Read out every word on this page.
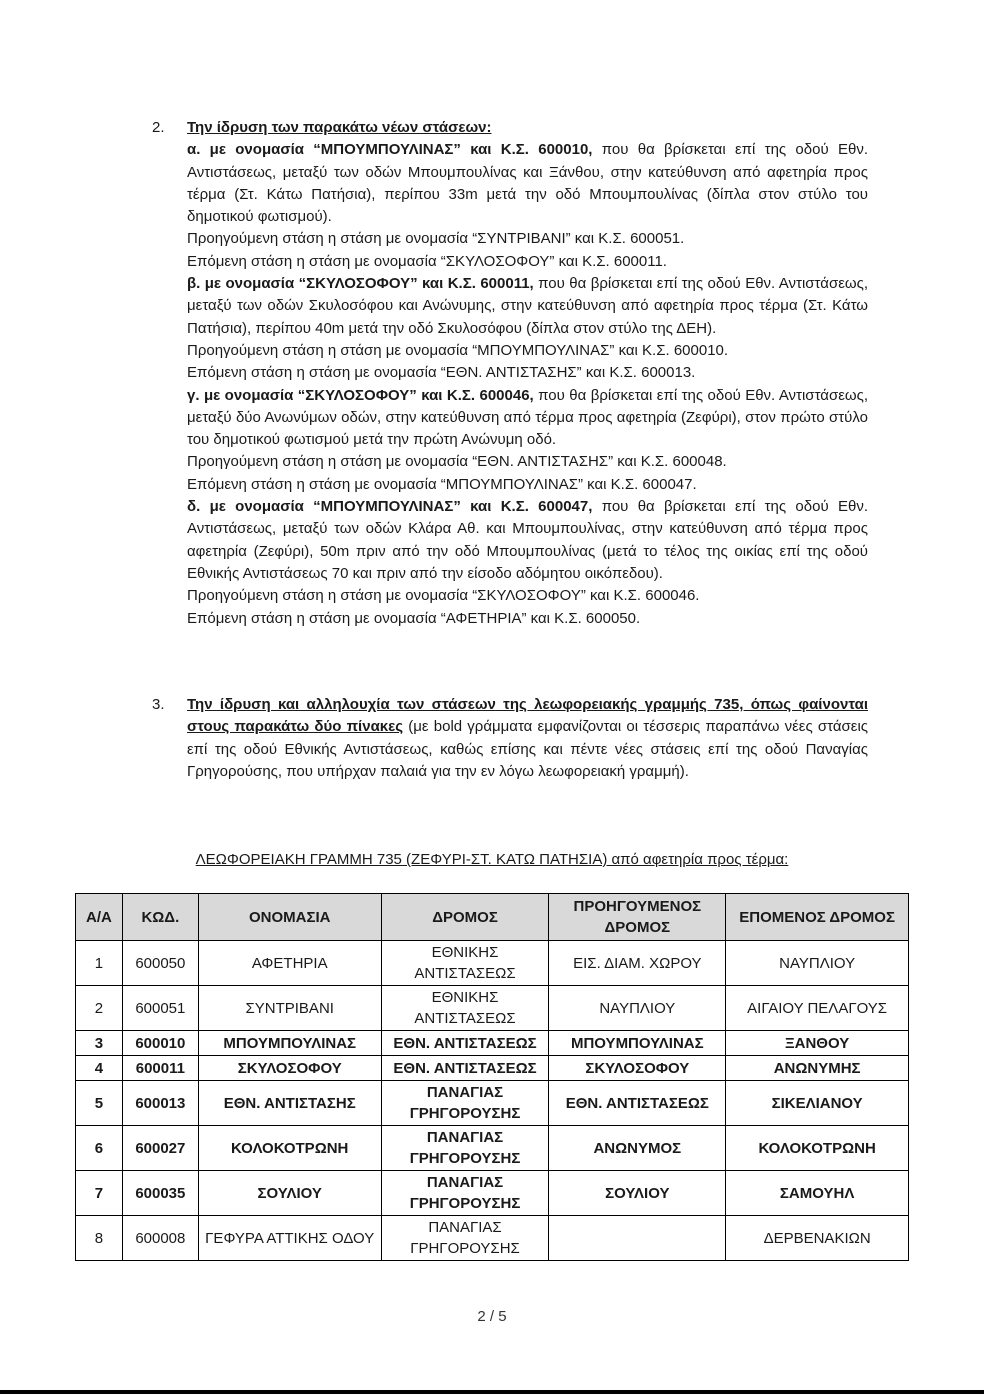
2. Την ίδρυση των παρακάτω νέων στάσεων:
α. με ονομασία “ΜΠΟΥΜΠΟΥΛΙΝΑΣ” και Κ.Σ. 600010, που θα βρίσκεται επί της οδού Εθν. Αντιστάσεως, μεταξύ των οδών Μπουμπουλίνας και Ξάνθου, στην κατεύθυνση από αφετηρία προς τέρμα (Στ. Κάτω Πατήσια), περίπου 33m μετά την οδό Μπουμπουλίνας (δίπλα στον στύλο του δημοτικού φωτισμού).
Προηγούμενη στάση η στάση με ονομασία “ΣΥΝΤΡΙΒΑΝΙ” και Κ.Σ. 600051.
Επόμενη στάση η στάση με ονομασία “ΣΚΥΛΟΣΟΦΟΥ” και Κ.Σ. 600011.
β. με ονομασία “ΣΚΥΛΟΣΟΦΟΥ” και Κ.Σ. 600011, που θα βρίσκεται επί της οδού Εθν. Αντιστάσεως, μεταξύ των οδών Σκυλοσόφου και Ανώνυμης, στην κατεύθυνση από αφετηρία προς τέρμα (Στ. Κάτω Πατήσια), περίπου 40m μετά την οδό Σκυλοσόφου (δίπλα στον στύλο της ΔΕΗ).
Προηγούμενη στάση η στάση με ονομασία “ΜΠΟΥΜΠΟΥΛΙΝΑΣ” και Κ.Σ. 600010.
Επόμενη στάση η στάση με ονομασία “ΕΘΝ. ΑΝΤΙΣΤΑΣΗΣ” και Κ.Σ. 600013.
γ. με ονομασία “ΣΚΥΛΟΣΟΦΟΥ” και Κ.Σ. 600046, που θα βρίσκεται επί της οδού Εθν. Αντιστάσεως, μεταξύ δύο Ανωνύμων οδών, στην κατεύθυνση από τέρμα προς αφετηρία (Ζεφύρι), στον πρώτο στύλο του δημοτικού φωτισμού μετά την πρώτη Ανώνυμη οδό.
Προηγούμενη στάση η στάση με ονομασία “ΕΘΝ. ΑΝΤΙΣΤΑΣΗΣ” και Κ.Σ. 600048.
Επόμενη στάση η στάση με ονομασία “ΜΠΟΥΜΠΟΥΛΙΝΑΣ” και Κ.Σ. 600047.
δ. με ονομασία “ΜΠΟΥΜΠΟΥΛΙΝΑΣ” και Κ.Σ. 600047, που θα βρίσκεται επί της οδού Εθν. Αντιστάσεως, μεταξύ των οδών Κλάρα Αθ. και Μπουμπουλίνας, στην κατεύθυνση από τέρμα προς αφετηρία (Ζεφύρι), 50m πριν από την οδό Μπουμπουλίνας (μετά το τέλος της οικίας επί της οδού Εθνικής Αντιστάσεως 70 και πριν από την είσοδο αδόμητου οικόπεδου).
Προηγούμενη στάση η στάση με ονομασία “ΣΚΥΛΟΣΟΦΟΥ” και Κ.Σ. 600046.
Επόμενη στάση η στάση με ονομασία “ΑΦΕΤΗΡΙΑ” και Κ.Σ. 600050.
3. Την ίδρυση και αλληλουχία των στάσεων της λεωφορειακής γραμμής 735, όπως φαίνονται στους παρακάτω δύο πίνακες (με bold γράμματα εμφανίζονται οι τέσσερις παραπάνω νέες στάσεις επί της οδού Εθνικής Αντιστάσεως, καθώς επίσης και πέντε νέες στάσεις επί της οδού Παναγίας Γρηγορούσης, που υπήρχαν παλαιά για την εν λόγω λεωφορειακή γραμμή).
ΛΕΩΦΟΡΕΙΑΚΗ ΓΡΑΜΜΗ 735 (ΖΕΦΥΡΙ-ΣΤ. ΚΑΤΩ ΠΑΤΗΣΙΑ) από αφετηρία προς τέρμα:
Α/Α	ΚΩΔ.	ΟΝΟΜΑΣΙΑ	ΔΡΟΜΟΣ	ΠΡΟΗΓΟΥΜΕΝΟΣ ΔΡΟΜΟΣ	ΕΠΟΜΕΝΟΣ ΔΡΟΜΟΣ
1	600050	ΑΦΕΤΗΡΙΑ	ΕΘΝΙΚΗΣ ΑΝΤΙΣΤΑΣΕΩΣ	ΕΙΣ. ΔΙΑΜ. ΧΩΡΟΥ	ΝΑΥΠΛΙΟΥ
2	600051	ΣΥΝΤΡΙΒΑΝΙ	ΕΘΝΙΚΗΣ ΑΝΤΙΣΤΑΣΕΩΣ	ΝΑΥΠΛΙΟΥ	ΑΙΓΑΙΟΥ ΠΕΛΑΓΟΥΣ
3	600010	ΜΠΟΥΜΠΟΥΛΙΝΑΣ	ΕΘΝ. ΑΝΤΙΣΤΑΣΕΩΣ	ΜΠΟΥΜΠΟΥΛΙΝΑΣ	ΞΑΝΘΟΥ
4	600011	ΣΚΥΛΟΣΟΦΟΥ	ΕΘΝ. ΑΝΤΙΣΤΑΣΕΩΣ	ΣΚΥΛΟΣΟΦΟΥ	ΑΝΩΝΥΜΗΣ
5	600013	ΕΘΝ. ΑΝΤΙΣΤΑΣΗΣ	ΠΑΝΑΓΙΑΣ ΓΡΗΓΟΡΟΥΣΗΣ	ΕΘΝ. ΑΝΤΙΣΤΑΣΕΩΣ	ΣΙΚΕΛΙΑΝΟΥ
6	600027	ΚΟΛΟΚΟΤΡΩΝΗ	ΠΑΝΑΓΙΑΣ ΓΡΗΓΟΡΟΥΣΗΣ	ΑΝΩΝΥΜΟΣ	ΚΟΛΟΚΟΤΡΩΝΗ
7	600035	ΣΟΥΛΙΟΥ	ΠΑΝΑΓΙΑΣ ΓΡΗΓΟΡΟΥΣΗΣ	ΣΟΥΛΙΟΥ	ΣΑΜΟΥΗΛ
8	600008	ΓΕΦΥΡΑ ΑΤΤΙΚΗΣ ΟΔΟΥ	ΠΑΝΑΓΙΑΣ ΓΡΗΓΟΡΟΥΣΗΣ		ΔΕΡΒΕΝΑΚΙΩΝ
2 / 5
